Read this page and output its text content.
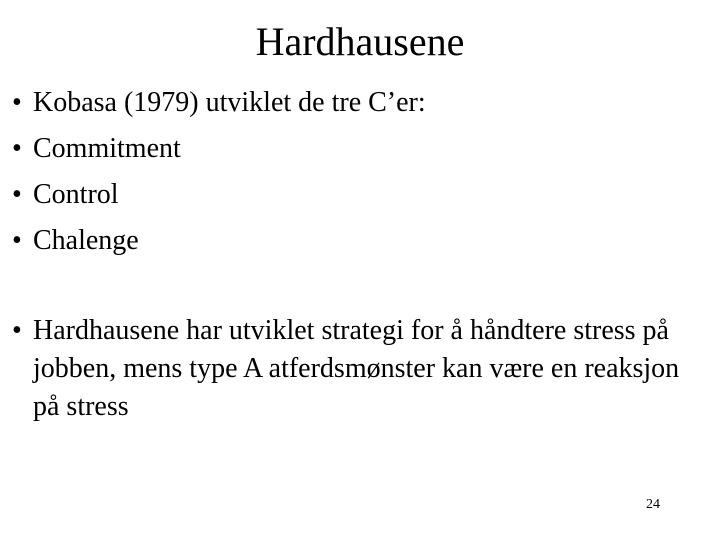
Hardhausene
• Kobasa (1979) utviklet de tre C’er:
• Commitment
• Control
• Chalenge
• Hardhausene har utviklet strategi for å håndtere stress på jobben, mens type A atferdsmønster kan være en reaksjon på stress
24
